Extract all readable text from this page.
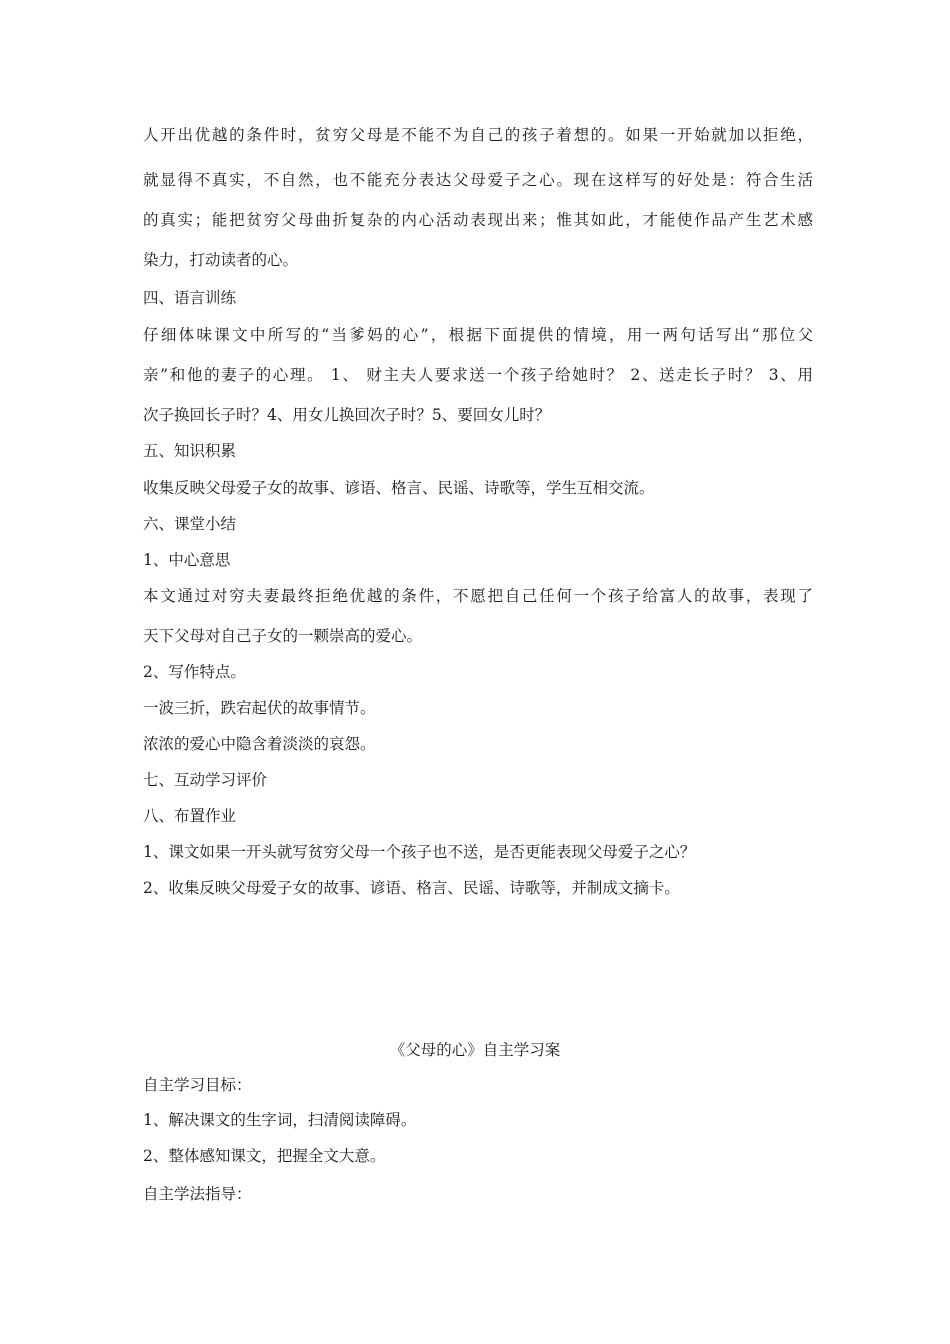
人开出优越的条件时，贫穷父母是不能不为自己的孩子着想的。如果一开始就加以拒绝，
就显得不真实，不自然，也不能充分表达父母爱子之心。现在这样写的好处是：符合生活
的真实；能把贫穷父母曲折复杂的内心活动表现出来；惟其如此，才能使作品产生艺术感
染力，打动读者的心。
四、语言训练
仔细体味课文中所写的“当爹妈的心”，根据下面提供的情境，用一两句话写出“那位父
亲”和他的妻子的心理。 1、 财主夫人要求送一个孩子给她时？ 2、送走长子时？ 3、用
次子换回长子时？4、用女儿换回次子时？5、要回女儿时？
五、知识积累
收集反映父母爱子女的故事、谚语、格言、民谣、诗歌等，学生互相交流。
六、课堂小结
1、中心意思
本文通过对穷夫妻最终拒绝优越的条件，不愿把自己任何一个孩子给富人的故事，表现了
天下父母对自己子女的一颗崇高的爱心。
2、写作特点。
一波三折，跌宕起伏的故事情节。
浓浓的爱心中隐含着淡淡的哀怨。
七、互动学习评价
八、布置作业
1、课文如果一开头就写贫穷父母一个孩子也不送，是否更能表现父母爱子之心？
2、收集反映父母爱子女的故事、谚语、格言、民谣、诗歌等，并制成文摘卡。
《父母的心》自主学习案
自主学习目标：
1、解决课文的生字词，扫清阅读障碍。
2、整体感知课文，把握全文大意。
自主学法指导：
